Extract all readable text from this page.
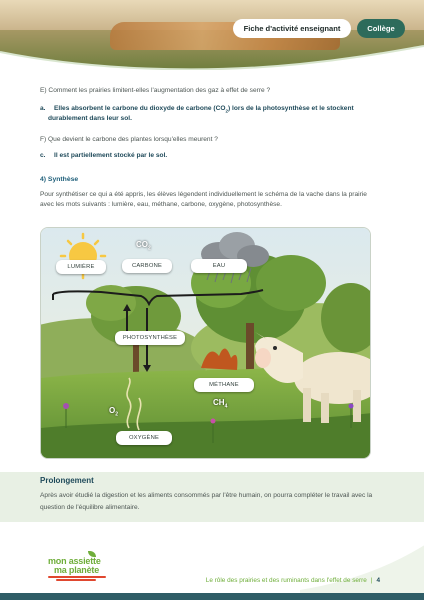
Fiche d'activité enseignant	Collège
E) Comment les prairies limitent-elles l'augmentation des gaz à effet de serre ?
a. Elles absorbent le carbone du dioxyde de carbone $(CO_2)$ lors de la photosynthèse et le stockent
durablement dans leur sol.
F) Que devient le carbone des plantes lorsqu'elles meurent ?
c. Il est partiellement stocké par le sol.
4) Synthèse
Pour synthétiser ce qui a été appris, les élèves légendent individuellement le schéma de la vache dans la prairie avec les mots suivants : lumière, eau, méthane, carbone, oxygène, photosynthèse.
$CO_2$
$CH_4$
$O_2$
LUMIÈRE	CARBONE	EAU
PHOTOSYNTHÈSE
MÉTHANE
OXYGÈNE
Prolongement
Après avoir étudié la digestion et les aliments consommés par l'être humain, on pourra compléter le travail avec la question de l'équilibre alimentaire.
mon assiette
ma planète
Le rôle des prairies et des ruminants dans l'effet de serre | 4
